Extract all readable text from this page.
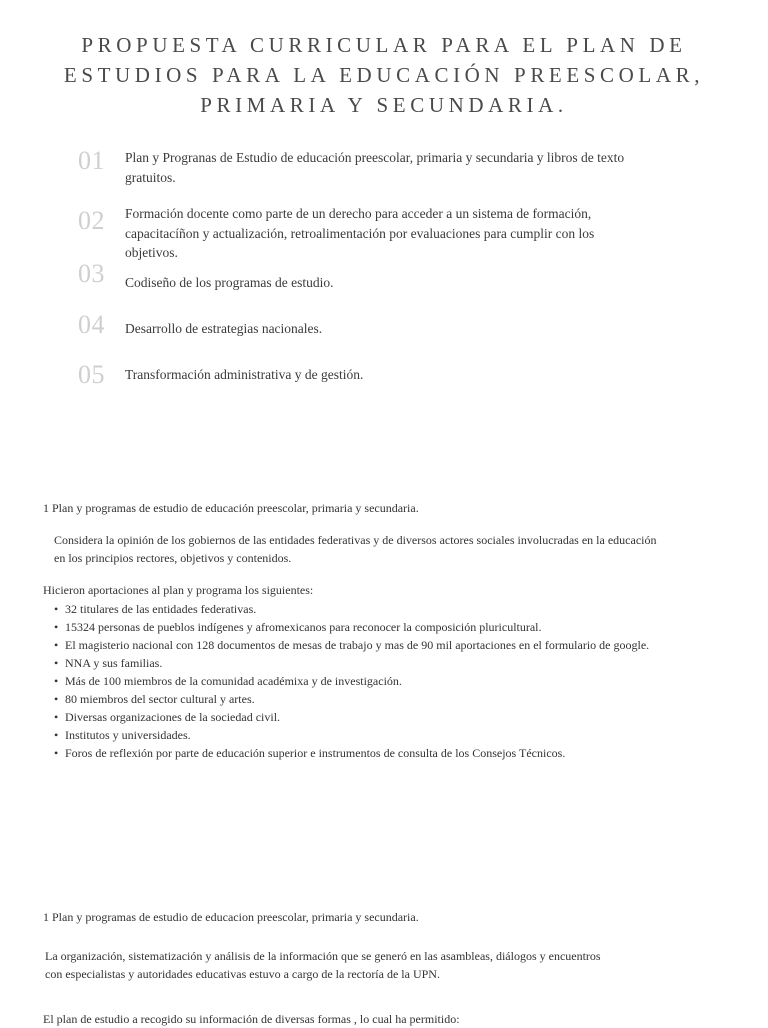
PROPUESTA CURRICULAR PARA EL PLAN DE
ESTUDIOS PARA LA EDUCACIÓN PREESCOLAR,
PRIMARIA Y SECUNDARIA.
01 Plan y Progranas de Estudio de educación preescolar, primaria y secundaria y libros de texto gratuitos.
02 Formación docente como parte de un derecho para acceder a un sistema de formación, capacitacíñon y actualización, retroalimentación por evaluaciones para cumplir con los objetivos.
03 Codiseño de los programas de estudio.
04 Desarrollo de estrategias nacionales.
05 Transformación administrativa y de gestión.
1 Plan y programas de estudio de educación preescolar, primaria y secundaria.
Considera la opinión de los gobiernos de las entidades federativas y de diversos actores sociales involucradas en la educación en los principios rectores, objetivos y contenidos.
Hicieron aportaciones al plan y programa los siguientes:
• 32 titulares de las entidades federativas.
• 15324 personas de pueblos indígenes y afromexicanos para reconocer la composición pluricultural.
• El magisterio nacional con 128 documentos de mesas de trabajo y mas de 90 mil aportaciones en el formulario de google.
• NNA y sus familias.
• Más de 100 miembros de la comunidad académixa y de investigación.
• 80 miembros del sector cultural y artes.
• Diversas organizaciones de la sociedad civil.
• Institutos y universidades.
• Foros de reflexión por parte de educación superior e instrumentos de consulta de los Consejos Técnicos.
1 Plan y programas de estudio de educacion preescolar, primaria y secundaria.
La organización, sistematización y análisis de la información que se generó en las asambleas, diálogos y encuentros con especialistas y autoridades educativas estuvo a cargo de la rectoría de la UPN.
El plan de estudio a recogido su información de diversas formas , lo cual ha permitido:
